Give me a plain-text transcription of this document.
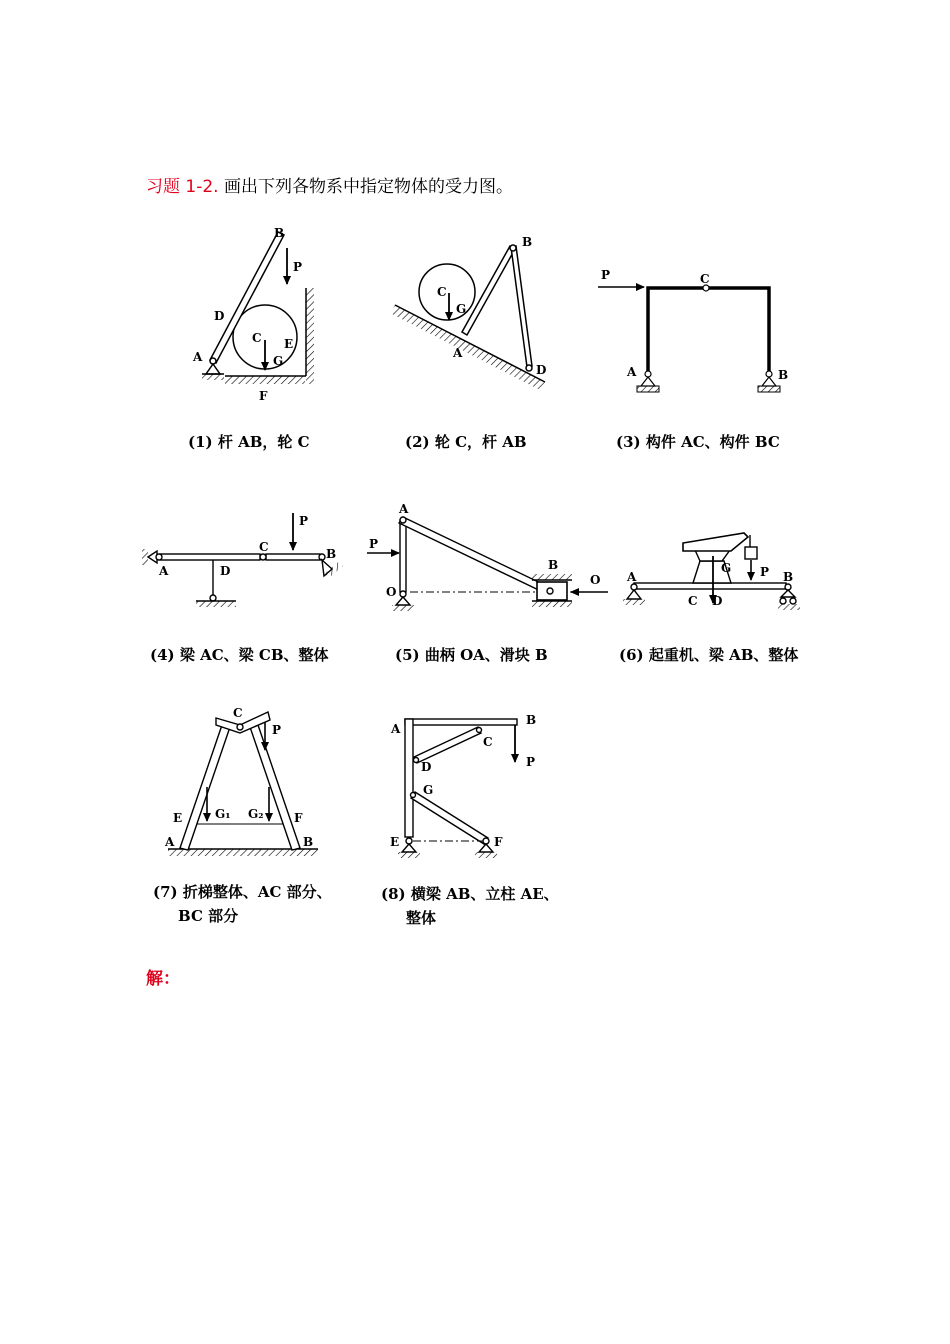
习题 1-2. 画出下列各物系中指定物体的受力图。
B
P
D
C E
G
A
F
B
C
G
A
D
P	C
A	B
A	D
C
P
B
A
P
O
B
O A	B
G P
C D
C
P
G₁ G₂
E	F
A	B
A
B
C
P
D
G
E	F
(1) 杆 AB，轮 C	(2) 轮 C，杆 AB	(3) 构件 AC、构件 BC
(4) 梁 AC、梁 CB、整体	(5) 曲柄 OA、滑块 B	(6) 起重机、梁 AB、整体
(7) 折梯整体、AC 部分、
BC 部分
(8) 横梁 AB、立柱 AE、
整体
解：
